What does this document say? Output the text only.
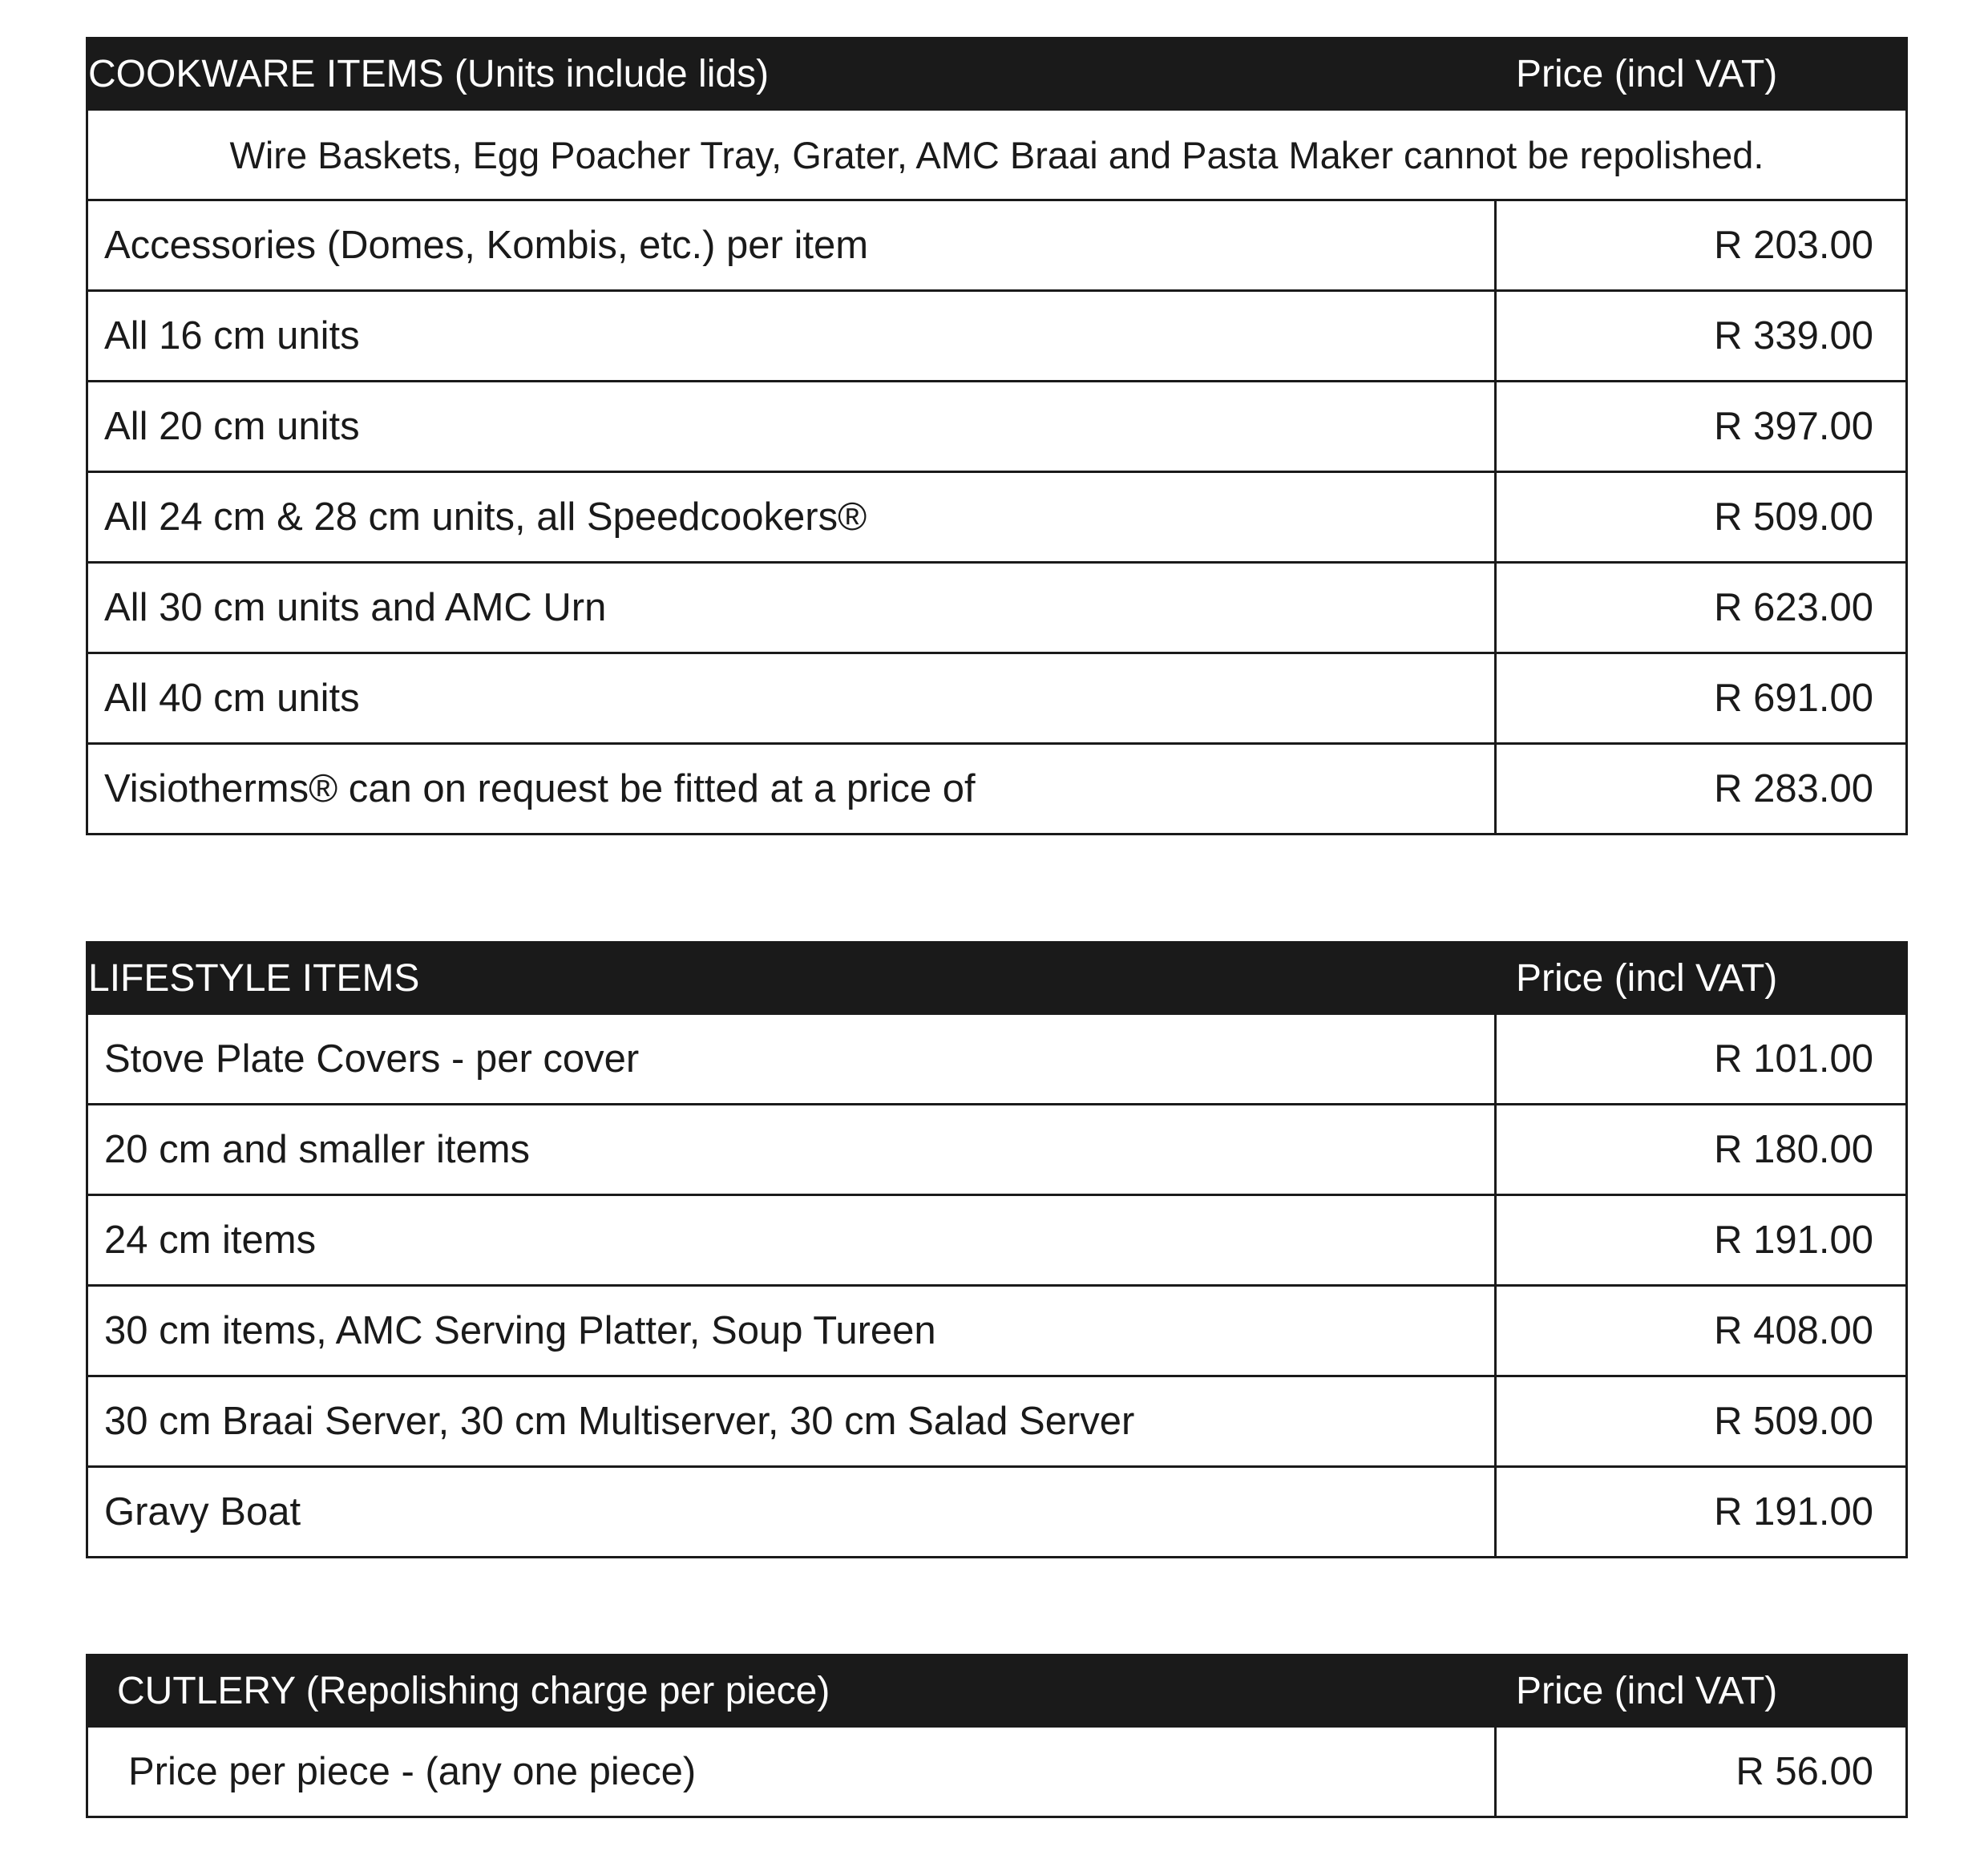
COOKWARE ITEMS (Units include lids)	Price (incl VAT)
Wire Baskets, Egg Poacher Tray, Grater, AMC Braai and Pasta Maker cannot be repolished.	
Accessories (Domes, Kombis, etc.) per item	R 203.00
All 16 cm units	R 339.00
All 20 cm units	R 397.00
All 24 cm & 28 cm units, all Speedcookers®	R 509.00
All 30 cm units and AMC Urn	R 623.00
All 40 cm units	R 691.00
Visiotherms® can on request be fitted at a price of	R 283.00
LIFESTYLE ITEMS	Price (incl VAT)
Stove Plate Covers - per cover	R 101.00
20 cm and smaller items	R 180.00
24 cm items	R 191.00
30 cm items, AMC Serving Platter, Soup Tureen	R 408.00
30 cm Braai Server, 30 cm Multiserver, 30 cm Salad Server	R 509.00
Gravy Boat	R 191.00
CUTLERY (Repolishing charge per piece)	Price (incl VAT)
Price per piece - (any one piece)	R 56.00
